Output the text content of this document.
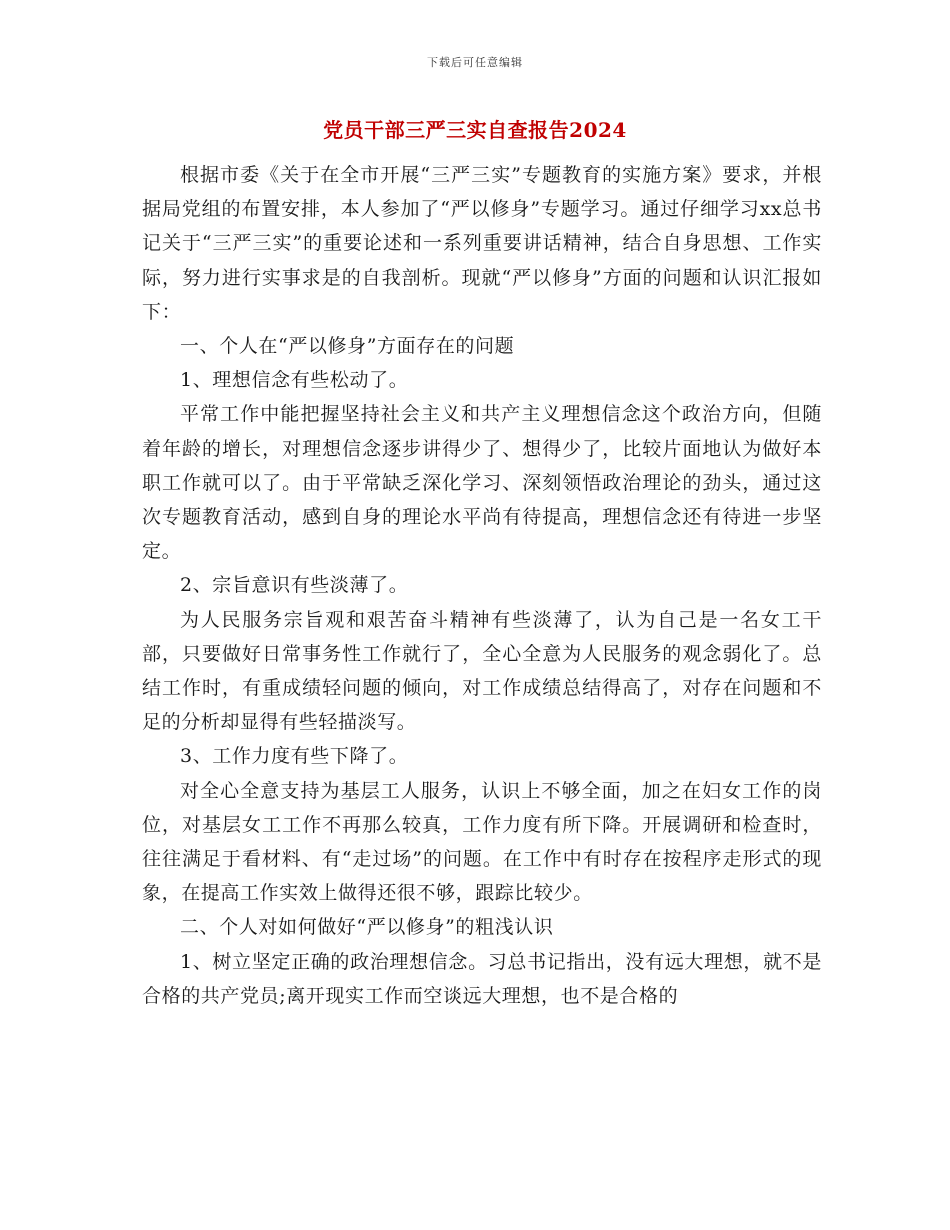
下载后可任意编辑
党员干部三严三实自查报告2024

根据市委《关于在全市开展“三严三实”专题教育的实施方案》要求，并根据局党组的布置安排，本人参加了“严以修身”专题学习。通过仔细学习xx总书记关于“三严三实”的重要论述和一系列重要讲话精神，结合自身思想、工作实际，努力进行实事求是的自我剖析。现就“严以修身”方面的问题和认识汇报如下：

一、个人在“严以修身”方面存在的问题

1、理想信念有些松动了。

平常工作中能把握坚持社会主义和共产主义理想信念这个政治方向，但随着年龄的增长，对理想信念逐步讲得少了、想得少了，比较片面地认为做好本职工作就可以了。由于平常缺乏深化学习、深刻领悟政治理论的劲头，通过这次专题教育活动，感到自身的理论水平尚有待提高，理想信念还有待进一步坚定。

2、宗旨意识有些淡薄了。

为人民服务宗旨观和艰苦奋斗精神有些淡薄了，认为自己是一名女工干部，只要做好日常事务性工作就行了，全心全意为人民服务的观念弱化了。总结工作时，有重成绩轻问题的倾向，对工作成绩总结得高了，对存在问题和不足的分析却显得有些轻描淡写。

3、工作力度有些下降了。

对全心全意支持为基层工人服务，认识上不够全面，加之在妇女工作的岗位，对基层女工工作不再那么较真，工作力度有所下降。开展调研和检查时，往往满足于看材料、有“走过场”的问题。在工作中有时存在按程序走形式的现象，在提高工作实效上做得还很不够，跟踪比较少。

二、个人对如何做好“严以修身”的粗浅认识

1、树立坚定正确的政治理想信念。习总书记指出，没有远大理想，就不是合格的共产党员;离开现实工作而空谈远大理想，也不是合格的
